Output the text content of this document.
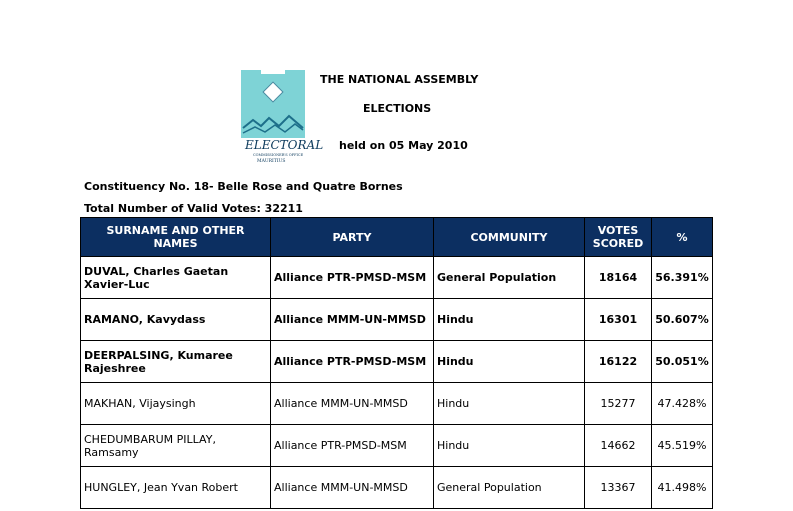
ELECTORAL
COMMISSIONER'S OFFICE
MAURITIUS
THE NATIONAL ASSEMBLY
ELECTIONS
held on 05 May 2010
Constituency No. 18- Belle Rose and Quatre Bornes
Total Number of Valid Votes: 32211
SURNAME AND OTHER NAMES	PARTY	COMMUNITY	VOTES SCORED	%
DUVAL, Charles Gaetan Xavier-Luc	Alliance PTR-PMSD-MSM	General Population	18164	56.391%
RAMANO, Kavydass	Alliance MMM-UN-MMSD	Hindu	16301	50.607%
DEERPALSING, Kumaree Rajeshree	Alliance PTR-PMSD-MSM	Hindu	16122	50.051%
MAKHAN, Vijaysingh	Alliance MMM-UN-MMSD	Hindu	15277	47.428%
CHEDUMBARUM PILLAY, Ramsamy	Alliance PTR-PMSD-MSM	Hindu	14662	45.519%
HUNGLEY, Jean Yvan Robert	Alliance MMM-UN-MMSD	General Population	13367	41.498%
